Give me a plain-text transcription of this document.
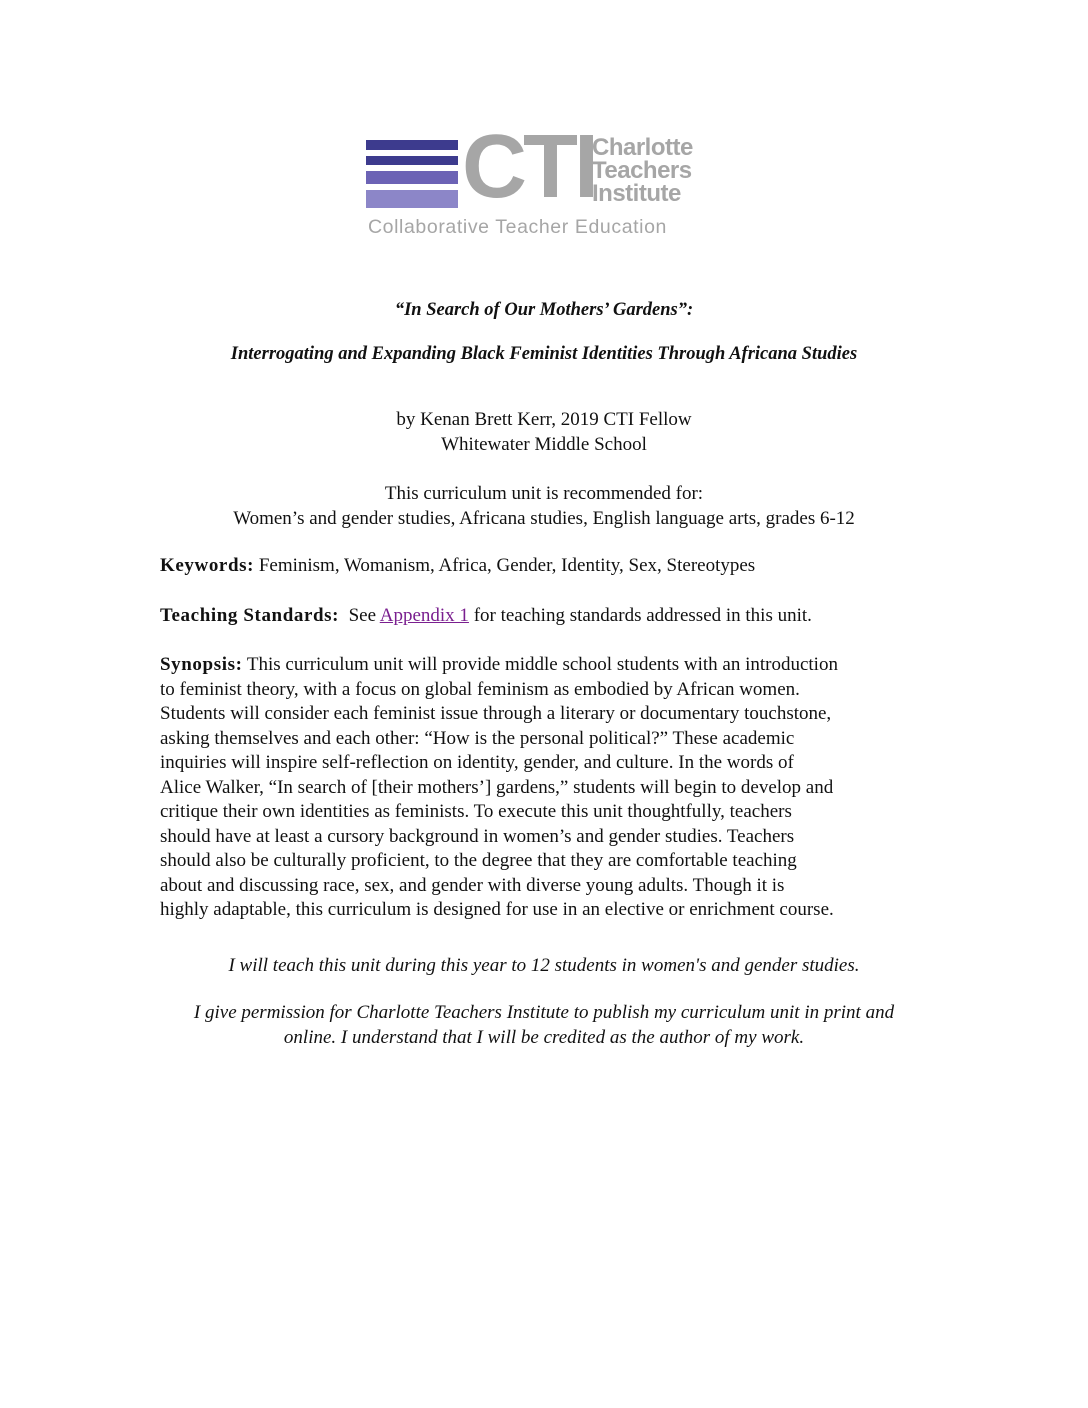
CTI
Charlotte
Teachers
Institute
Collaborative Teacher Education
“In Search of Our Mothers’ Gardens”:
Interrogating and Expanding Black Feminist Identities Through Africana Studies
by Kenan Brett Kerr, 2019 CTI Fellow
Whitewater Middle School
This curriculum unit is recommended for:
Women’s and gender studies, Africana studies, English language arts, grades 6-12
Keywords: Feminism, Womanism, Africa, Gender, Identity, Sex, Stereotypes
Teaching Standards:  See Appendix 1 for teaching standards addressed in this unit.
Synopsis: This curriculum unit will provide middle school students with an introduction
to feminist theory, with a focus on global feminism as embodied by African women.
Students will consider each feminist issue through a literary or documentary touchstone,
asking themselves and each other: “How is the personal political?” These academic
inquiries will inspire self-reflection on identity, gender, and culture. In the words of
Alice Walker, “In search of [their mothers’] gardens,” students will begin to develop and
critique their own identities as feminists. To execute this unit thoughtfully, teachers
should have at least a cursory background in women’s and gender studies. Teachers
should also be culturally proficient, to the degree that they are comfortable teaching
about and discussing race, sex, and gender with diverse young adults. Though it is
highly adaptable, this curriculum is designed for use in an elective or enrichment course.
I will teach this unit during this year to 12 students in women's and gender studies.
I give permission for Charlotte Teachers Institute to publish my curriculum unit in print and
online. I understand that I will be credited as the author of my work.
